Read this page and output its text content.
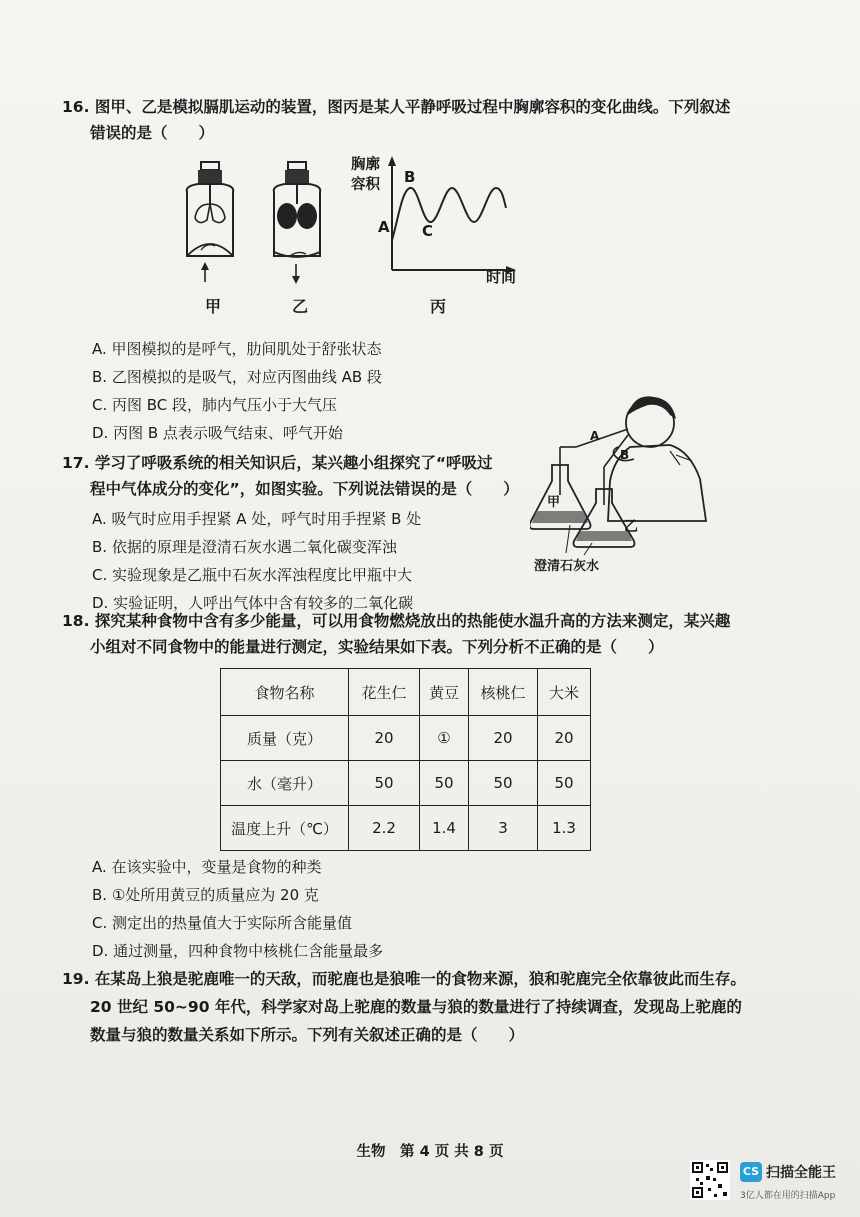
16. 图甲、乙是模拟膈肌运动的装置，图丙是某人平静呼吸过程中胸廓容积的变化曲线。下列叙述
错误的是（　　）
甲	乙
胸廓
容积 B
A C
时间
丙
A. 甲图模拟的是呼气，肋间肌处于舒张状态
B. 乙图模拟的是吸气，对应丙图曲线 AB 段
C. 丙图 BC 段，肺内气压小于大气压
D. 丙图 B 点表示吸气结束、呼气开始
17. 学习了呼吸系统的相关知识后，某兴趣小组探究了“呼吸过
程中气体成分的变化”，如图实验。下列说法错误的是（　　）
A. 吸气时应用手捏紧 A 处，呼气时用手捏紧 B 处
B. 依据的原理是澄清石灰水遇二氧化碳变浑浊
C. 实验现象是乙瓶中石灰水浑浊程度比甲瓶中大
D. 实验证明，人呼出气体中含有较多的二氧化碳
A
B
甲
乙
澄清石灰水
18. 探究某种食物中含有多少能量，可以用食物燃烧放出的热能使水温升高的方法来测定，某兴趣
小组对不同食物中的能量进行测定，实验结果如下表。下列分析不正确的是（　　）
食物名称	花生仁	黄豆	核桃仁	大米
质量（克）	20	①	20	20
水（毫升）	50	50	50	50
温度上升（℃）	2.2	1.4	3	1.3
A. 在该实验中，变量是食物的种类
B. ①处所用黄豆的质量应为 20 克
C. 测定出的热量值大于实际所含能量值
D. 通过测量，四种食物中核桃仁含能量最多
19. 在某岛上狼是驼鹿唯一的天敌，而驼鹿也是狼唯一的食物来源，狼和驼鹿完全依靠彼此而生存。
20 世纪 50~90 年代，科学家对岛上驼鹿的数量与狼的数量进行了持续调查，发现岛上驼鹿的
数量与狼的数量关系如下所示。下列有关叙述正确的是（　　）
生物　第 4 页 共 8 页
CS 扫描全能王
3亿人都在用的扫描App
